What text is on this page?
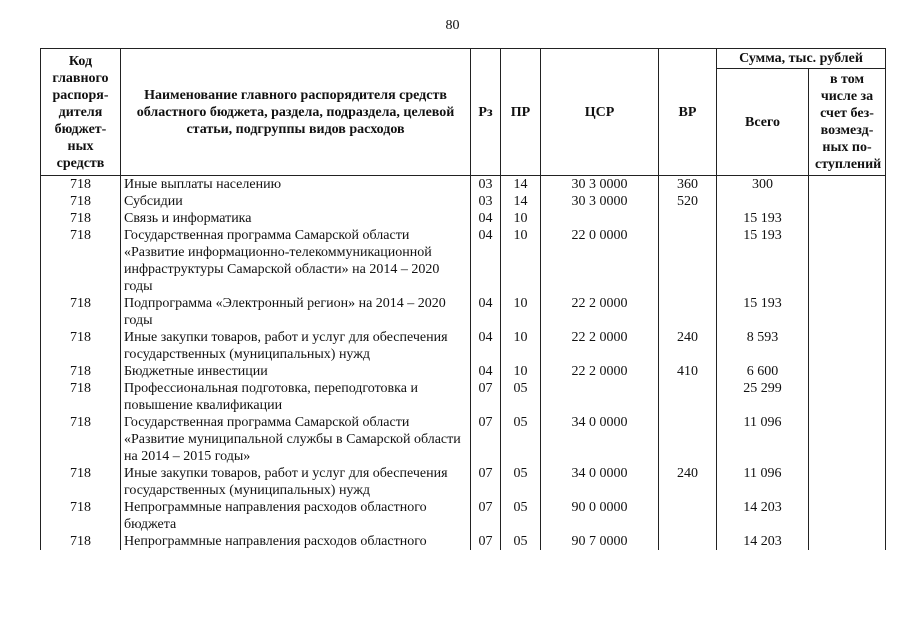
80
Код главного распоря-дителя бюджет-ных средств	Наименование главного распорядителя средств областного бюджета, раздела, подраздела, целевой статьи, подгруппы видов расходов	Рз	ПР	ЦСР	ВР	Сумма, тыс. рублей	
						Всего	в том числе за счет без-возмезд-ных по-ступлений
718	Иные выплаты населению	03	14	30 3 0000	360	300	
718	Субсидии	03	14	30 3 0000	520		
718	Связь и информатика	04	10			15 193	
718	Государственная программа Самарской области «Развитие информационно-телекоммуникационной инфраструктуры Самарской области» на 2014 – 2020 годы	04	10	22 0 0000		15 193	
718	Подпрограмма «Электронный регион» на 2014 – 2020 годы	04	10	22 2 0000		15 193	
718	Иные закупки товаров, работ и услуг для обеспечения государственных (муниципальных) нужд	04	10	22 2 0000	240	8 593	
718	Бюджетные инвестиции	04	10	22 2 0000	410	6 600	
718	Профессиональная подготовка, переподготовка и повышение квалификации	07	05			25 299	
718	Государственная программа Самарской области «Развитие муниципальной службы в Самарской области на 2014 – 2015 годы»	07	05	34 0 0000		11 096	
718	Иные закупки товаров, работ и услуг для обеспечения государственных (муниципальных) нужд	07	05	34 0 0000	240	11 096	
718	Непрограммные направления расходов областного бюджета	07	05	90 0 0000		14 203	
718	Непрограммные направления расходов областного	07	05	90 7 0000		14 203	
